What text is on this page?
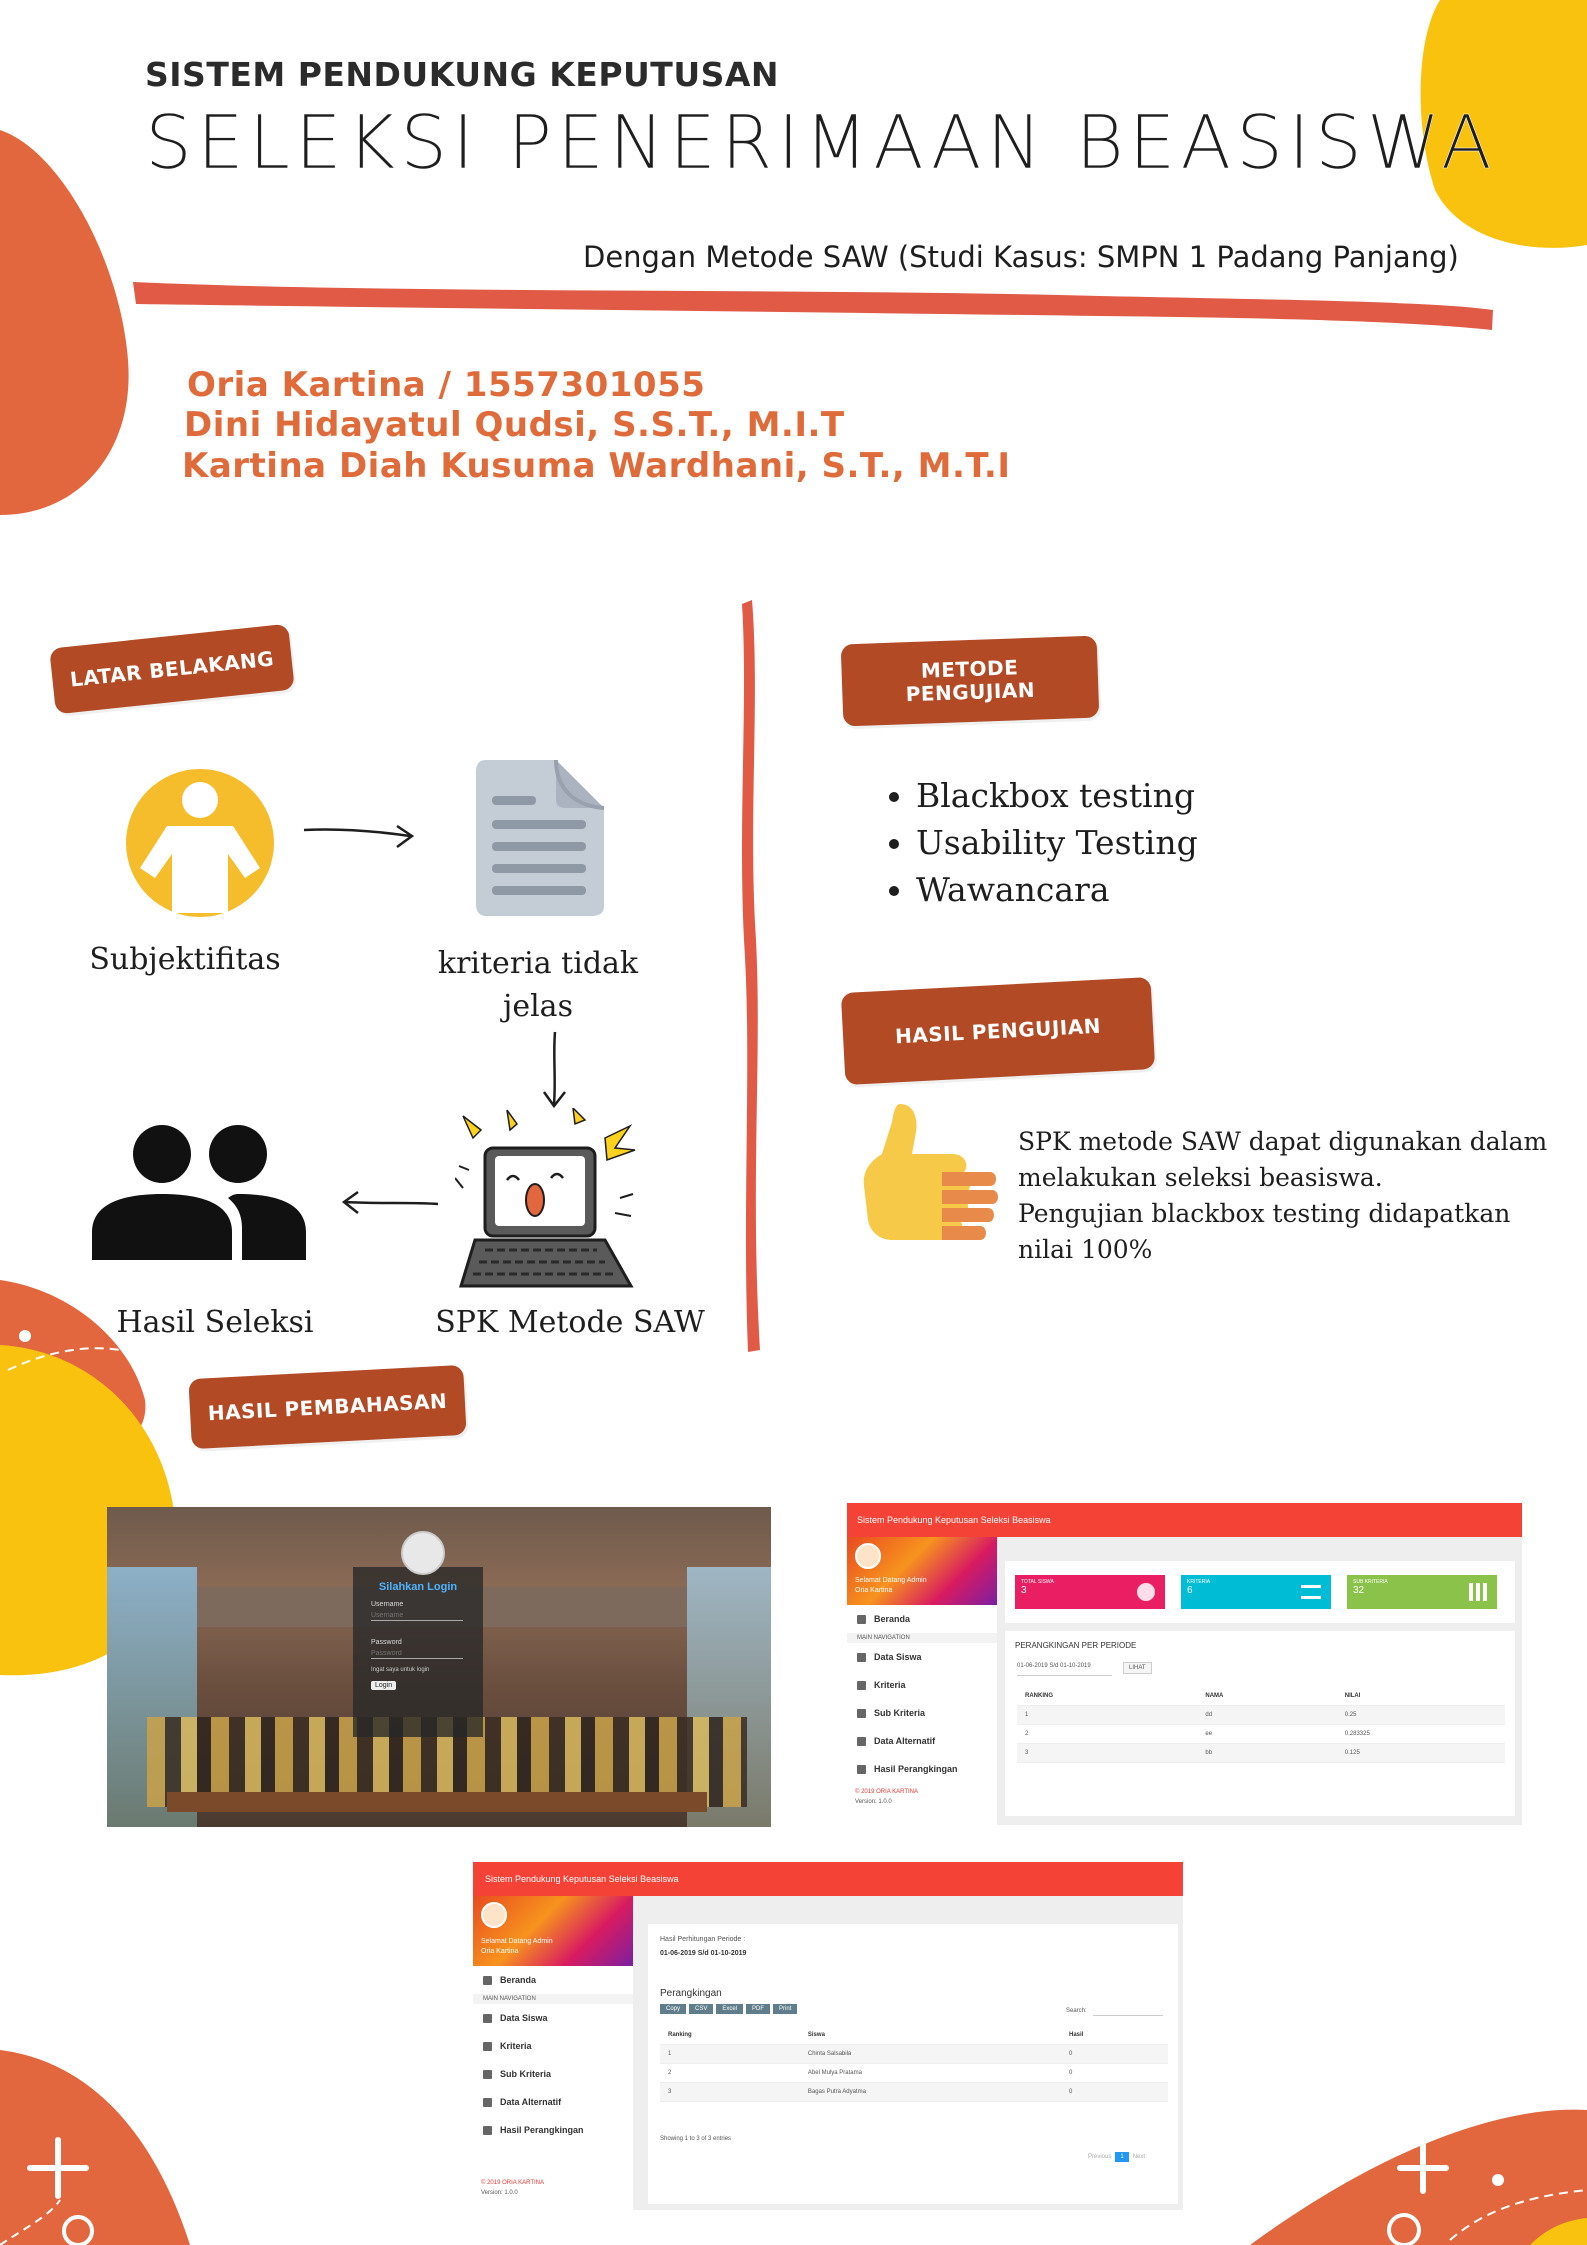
SISTEM PENDUKUNG KEPUTUSAN
SELEKSI PENERIMAAN BEASISWA
Dengan Metode SAW (Studi Kasus: SMPN 1 Padang Panjang)
Oria Kartina / 1557301055
Dini Hidayatul Qudsi, S.S.T., M.I.T
Kartina Diah Kusuma Wardhani, S.T., M.T.I
LATAR BELAKANG
Subjektifitas	kriteria tidak
jelas
SPK Metode SAW
Hasil Seleksi
METODE
PENGUJIAN
• Blackbox testing
• Usability Testing
• Wawancara
HASIL PENGUJIAN
SPK metode SAW dapat digunakan dalam
melakukan seleksi beasiswa.
Pengujian blackbox testing didapatkan
nilai 100%
HASIL PEMBAHASAN
Silahkan Login
Username
Username
Password
Ingat saya untuk login
Login
Sistem Pendukung Keputusan Seleksi Beasiswa
Selamat Datang Admin
Oria Kartina
Beranda
MAIN NAVIGATION
Data Siswa
Kriteria
Sub Kriteria
Data Alternatif
Hasil Perangkingan
© 2019 ORIA KARTINA
Version: 1.0.0
TOTAL SISWA
3
KRITERIA
6
SUB KRITERIA
32
PERANGKINGAN PER PERIODE
01-06-2019 S/d 01-10-2019	LIHAT
RANKING	NAMA	NILAI
1	dd	0.25
2	ee	0.283325
3	bb	0.125
Sistem Pendukung Keputusan Seleksi Beasiswa
Selamat Datang Admin
Oria Kartina
Beranda
MAIN NAVIGATION
Data Siswa
Kriteria
Sub Kriteria
Data Alternatif
Hasil Perangkingan
© 2019 ORIA KARTINA
Version: 1.0.0
Hasil Perhitungan Periode :
01-06-2019 S/d 01-10-2019
Perangkingan
Copy	CSV	Excel	PDF	Print	Search:
Ranking	Siswa	Hasil
1	Chinta Salsabila	0
2	Abel Mulya Pratama	0
3	Bagas Putra Adyatma	0
Showing 1 to 3 of 3 entries
Previous	1	Next
